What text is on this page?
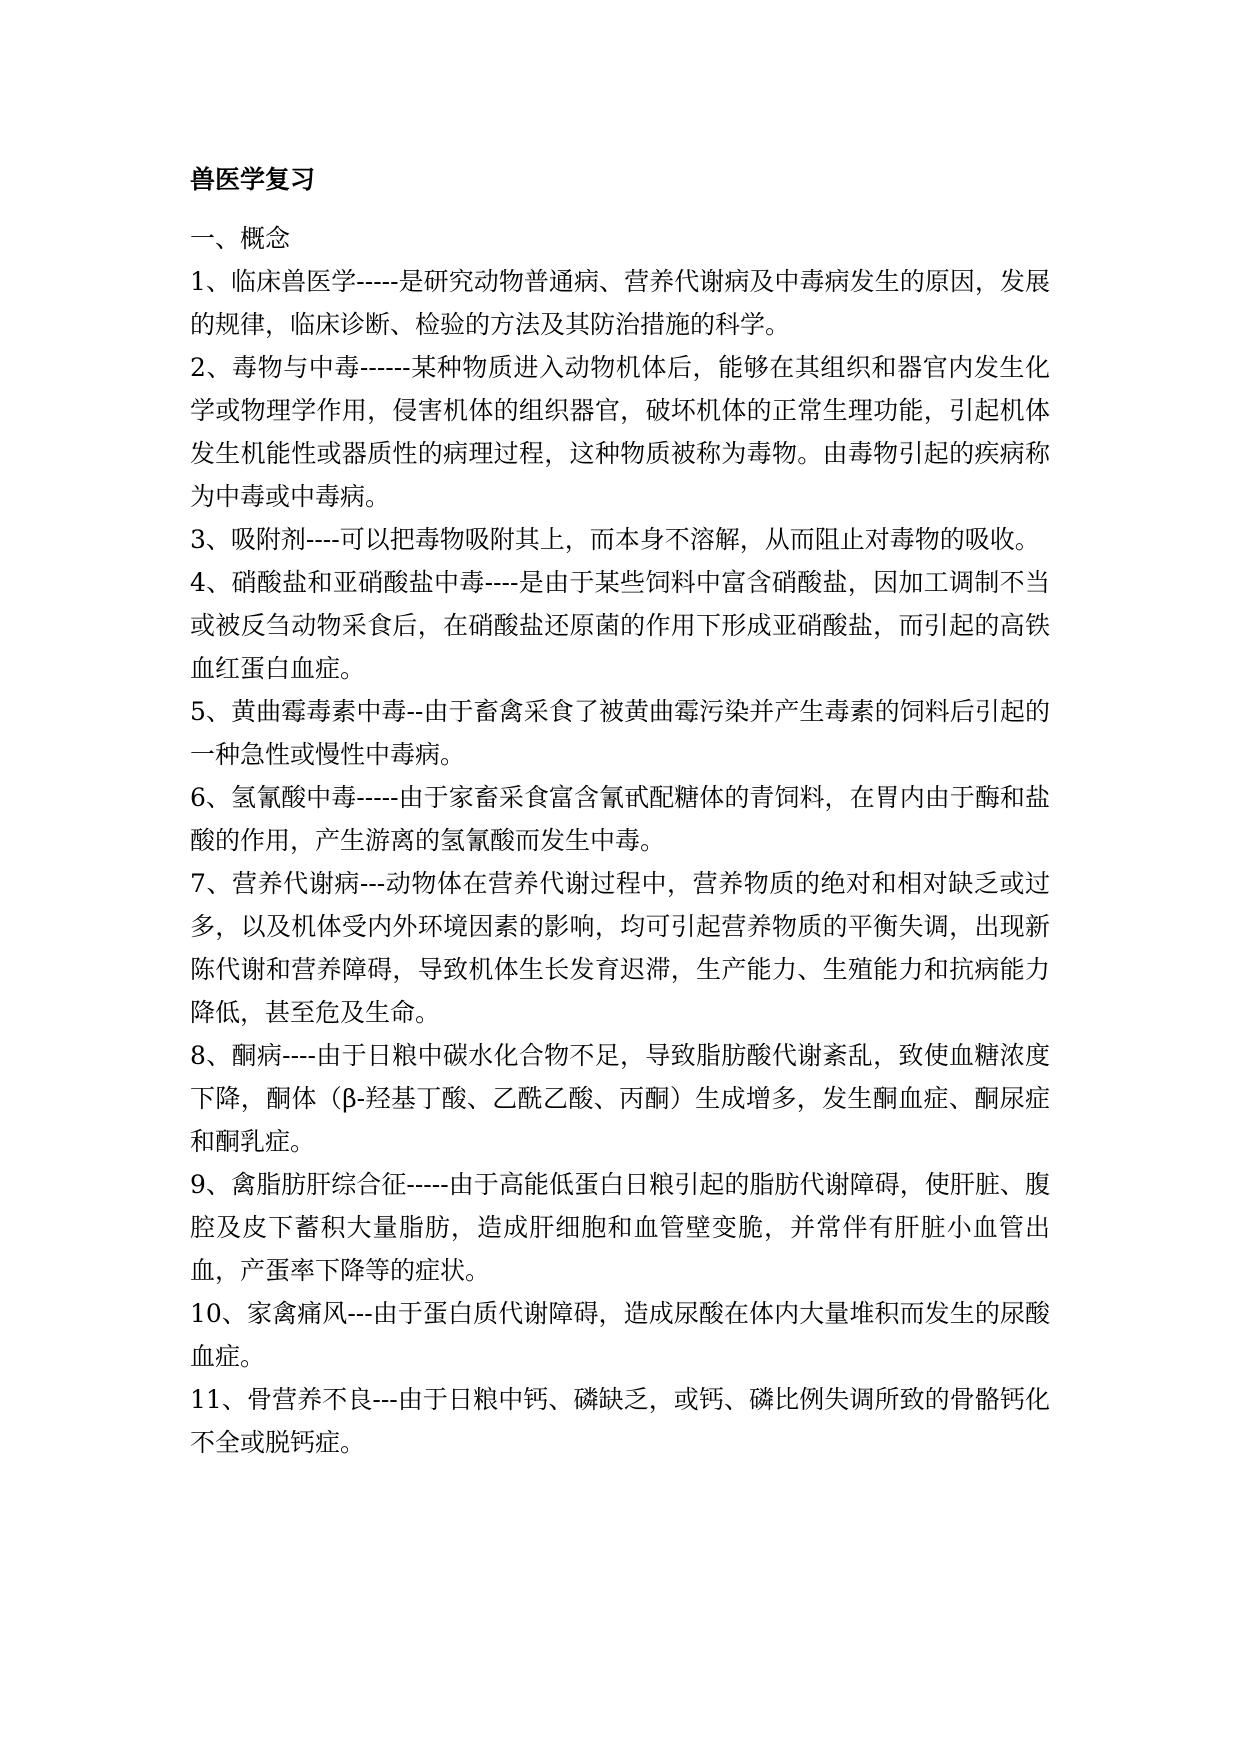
兽医学复习

一、概念

1、临床兽医学-----是研究动物普通病、营养代谢病及中毒病发生的原因，发展的规律，临床诊断、检验的方法及其防治措施的科学。

2、毒物与中毒------某种物质进入动物机体后，能够在其组织和器官内发生化学或物理学作用，侵害机体的组织器官，破坏机体的正常生理功能，引起机体发生机能性或器质性的病理过程，这种物质被称为毒物。由毒物引起的疾病称为中毒或中毒病。

3、吸附剂----可以把毒物吸附其上，而本身不溶解，从而阻止对毒物的吸收。

4、硝酸盐和亚硝酸盐中毒----是由于某些饲料中富含硝酸盐，因加工调制不当或被反刍动物采食后，在硝酸盐还原菌的作用下形成亚硝酸盐，而引起的高铁血红蛋白血症。

5、黄曲霉毒素中毒--由于畜禽采食了被黄曲霉污染并产生毒素的饲料后引起的一种急性或慢性中毒病。

6、氢氰酸中毒-----由于家畜采食富含氰甙配糖体的青饲料，在胃内由于酶和盐酸的作用，产生游离的氢氰酸而发生中毒。

7、营养代谢病---动物体在营养代谢过程中，营养物质的绝对和相对缺乏或过多，以及机体受内外环境因素的影响，均可引起营养物质的平衡失调，出现新陈代谢和营养障碍，导致机体生长发育迟滞，生产能力、生殖能力和抗病能力降低，甚至危及生命。

8、酮病----由于日粮中碳水化合物不足，导致脂肪酸代谢紊乱，致使血糖浓度下降，酮体（β-羟基丁酸、乙酰乙酸、丙酮）生成增多，发生酮血症、酮尿症和酮乳症。

9、禽脂肪肝综合征-----由于高能低蛋白日粮引起的脂肪代谢障碍，使肝脏、腹腔及皮下蓄积大量脂肪，造成肝细胞和血管壁变脆，并常伴有肝脏小血管出血，产蛋率下降等的症状。

10、家禽痛风---由于蛋白质代谢障碍，造成尿酸在体内大量堆积而发生的尿酸血症。

11、骨营养不良---由于日粮中钙、磷缺乏，或钙、磷比例失调所致的骨骼钙化不全或脱钙症。
